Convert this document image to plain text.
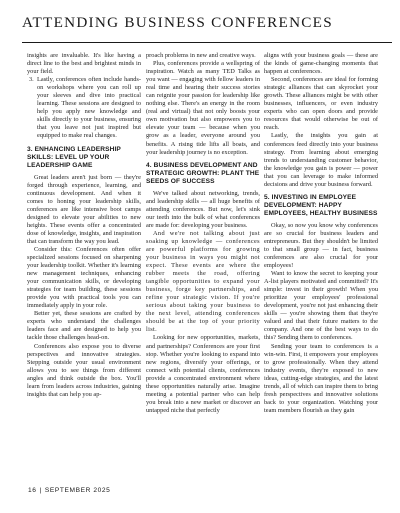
ATTENDING BUSINESS CONFERENCES

insights are invaluable. It's like having a direct line to the best and brightest minds in your field.

3. Lastly, conferences often include hands-on workshops where you can roll up your sleeves and dive into practical learning. These sessions are designed to help you apply new knowledge and skills directly to your business, ensuring that you leave not just inspired but equipped to make real changes.

3. ENHANCING LEADERSHIP SKILLS: LEVEL UP YOUR LEADERSHIP GAME

Great leaders aren't just born — they're forged through experience, learning, and continuous development. And when it comes to honing your leadership skills, conferences are like intensive boot camps designed to elevate your abilities to new heights. These events offer a concentrated dose of knowledge, insights, and inspiration that can transform the way you lead.

Consider this: Conferences often offer specialized sessions focused on sharpening your leadership toolkit. Whether it's learning new management techniques, enhancing your communication skills, or developing strategies for team building, these sessions provide you with practical tools you can immediately apply in your role.

Better yet, these sessions are crafted by experts who understand the challenges leaders face and are designed to help you tackle those challenges head-on.

Conferences also expose you to diverse perspectives and innovative strategies. Stepping outside your usual environment allows you to see things from different angles and think outside the box. You'll learn from leaders across industries, gaining insights that can help you ap-

proach problems in new and creative ways.

Plus, conferences provide a wellspring of inspiration. Watch as many TED Talks as you want — engaging with fellow leaders in real time and hearing their success stories can reignite your passion for leadership like nothing else. There's an energy in the room (real and virtual) that not only boosts your own motivation but also empowers you to elevate your team — because when you grow as a leader, everyone around you benefits. A rising tide lifts all boats, and your leadership journey is no exception.

4. BUSINESS DEVELOPMENT AND STRATEGIC GROWTH: PLANT THE SEEDS OF SUCCESS

We've talked about networking, trends, and leadership skills — all huge benefits of attending conferences. But now, let's sink our teeth into the bulk of what conferences are made for: developing your business.

And we're not talking about just soaking up knowledge — conferences are powerful platforms for growing your business in ways you might not expect. These events are where the rubber meets the road, offering tangible opportunities to expand your business, forge key partnerships, and refine your strategic vision. If you're serious about taking your business to the next level, attending conferences should be at the top of your priority list.

Looking for new opportunities, markets, and partnerships? Conferences are your first stop. Whether you're looking to expand into new regions, diversify your offerings, or connect with potential clients, conferences provide a concentrated environment where these opportunities naturally arise. Imagine meeting a potential partner who can help you break into a new market or discover an untapped niche that perfectly

aligns with your business goals — these are the kinds of game-changing moments that happen at conferences.

Second, conferences are ideal for forming strategic alliances that can skyrocket your growth. These alliances might be with other businesses, influencers, or even industry experts who can open doors and provide resources that would otherwise be out of reach.

Lastly, the insights you gain at conferences feed directly into your business strategy. From learning about emerging trends to understanding customer behavior, the knowledge you gain is power — power that you can leverage to make informed decisions and drive your business forward.

5. INVESTING IN EMPLOYEE DEVELOPMENT: HAPPY EMPLOYEES, HEALTHY BUSINESS

Okay, so now you know why conferences are so crucial for business leaders and entrepreneurs. But they shouldn't be limited to that small group — in fact, business conferences are also crucial for your employees!

Want to know the secret to keeping your A-list players motivated and committed? It's simple: invest in their growth! When you prioritize your employees' professional development, you're not just enhancing their skills — you're showing them that they're valued and that their future matters to the company. And one of the best ways to do this? Sending them to conferences.

Sending your team to conferences is a win-win. First, it empowers your employees to grow professionally. When they attend industry events, they're exposed to new ideas, cutting-edge strategies, and the latest trends, all of which can inspire them to bring fresh perspectives and innovative solutions back to your organization. Watching your team members flourish as they gain

16 | SEPTEMBER 2025
